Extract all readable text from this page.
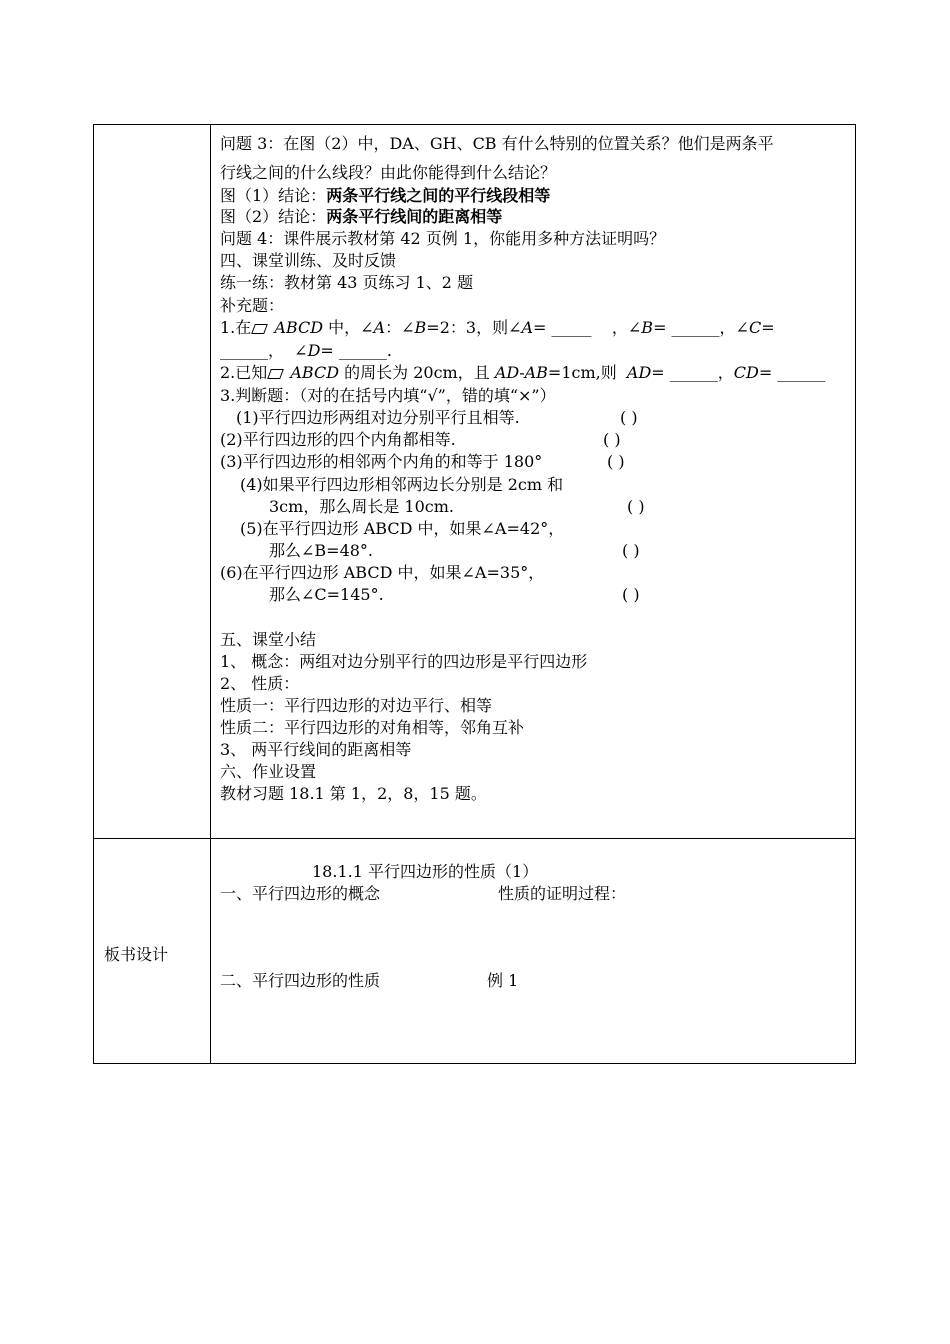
问题 3：在图（2）中，DA、GH、CB 有什么特别的位置关系？他们是两条平
行线之间的什么线段？由此你能得到什么结论？
图（1）结论：两条平行线之间的平行线段相等
图（2）结论：两条平行线间的距离相等
问题 4：课件展示教材第 42 页例 1，你能用多种方法证明吗？
四、课堂训练、及时反馈
练一练：教材第 43 页练习 1、2 题
补充题：
1.在 ABCD 中，∠A：∠B=2：3，则∠A= _____    ，∠B= ______，∠C=
______，  ∠D= ______.
2.已知 ABCD 的周长为 20cm，且 AD-AB=1cm,则  AD= ______，CD= ______
3.判断题：（对的在括号内填“√”，错的填“×”）
(1)平行四边形两组对边分别平行且相等.	( )
(2)平行四边形的四个内角都相等.	( )
(3)平行四边形的相邻两个内角的和等于 180°	( )
(4)如果平行四边形相邻两边长分别是 2cm 和
3cm，那么周长是 10cm.	( )
(5)在平行四边形 ABCD 中，如果∠A=42°，
那么∠B=48°.	( )
(6)在平行四边形 ABCD 中，如果∠A=35°，
那么∠C=145°.	( )
五、课堂小结
1、 概念：两组对边分别平行的四边形是平行四边形
2、 性质：
性质一：平行四边形的对边平行、相等
性质二：平行四边形的对角相等，邻角互补
3、 两平行线间的距离相等
六、作业设置
教材习题 18.1 第 1，2，8，15 题。
板书设计
18.1.1 平行四边形的性质（1）
一、平行四边形的概念	性质的证明过程：
二、平行四边形的性质	例 1
